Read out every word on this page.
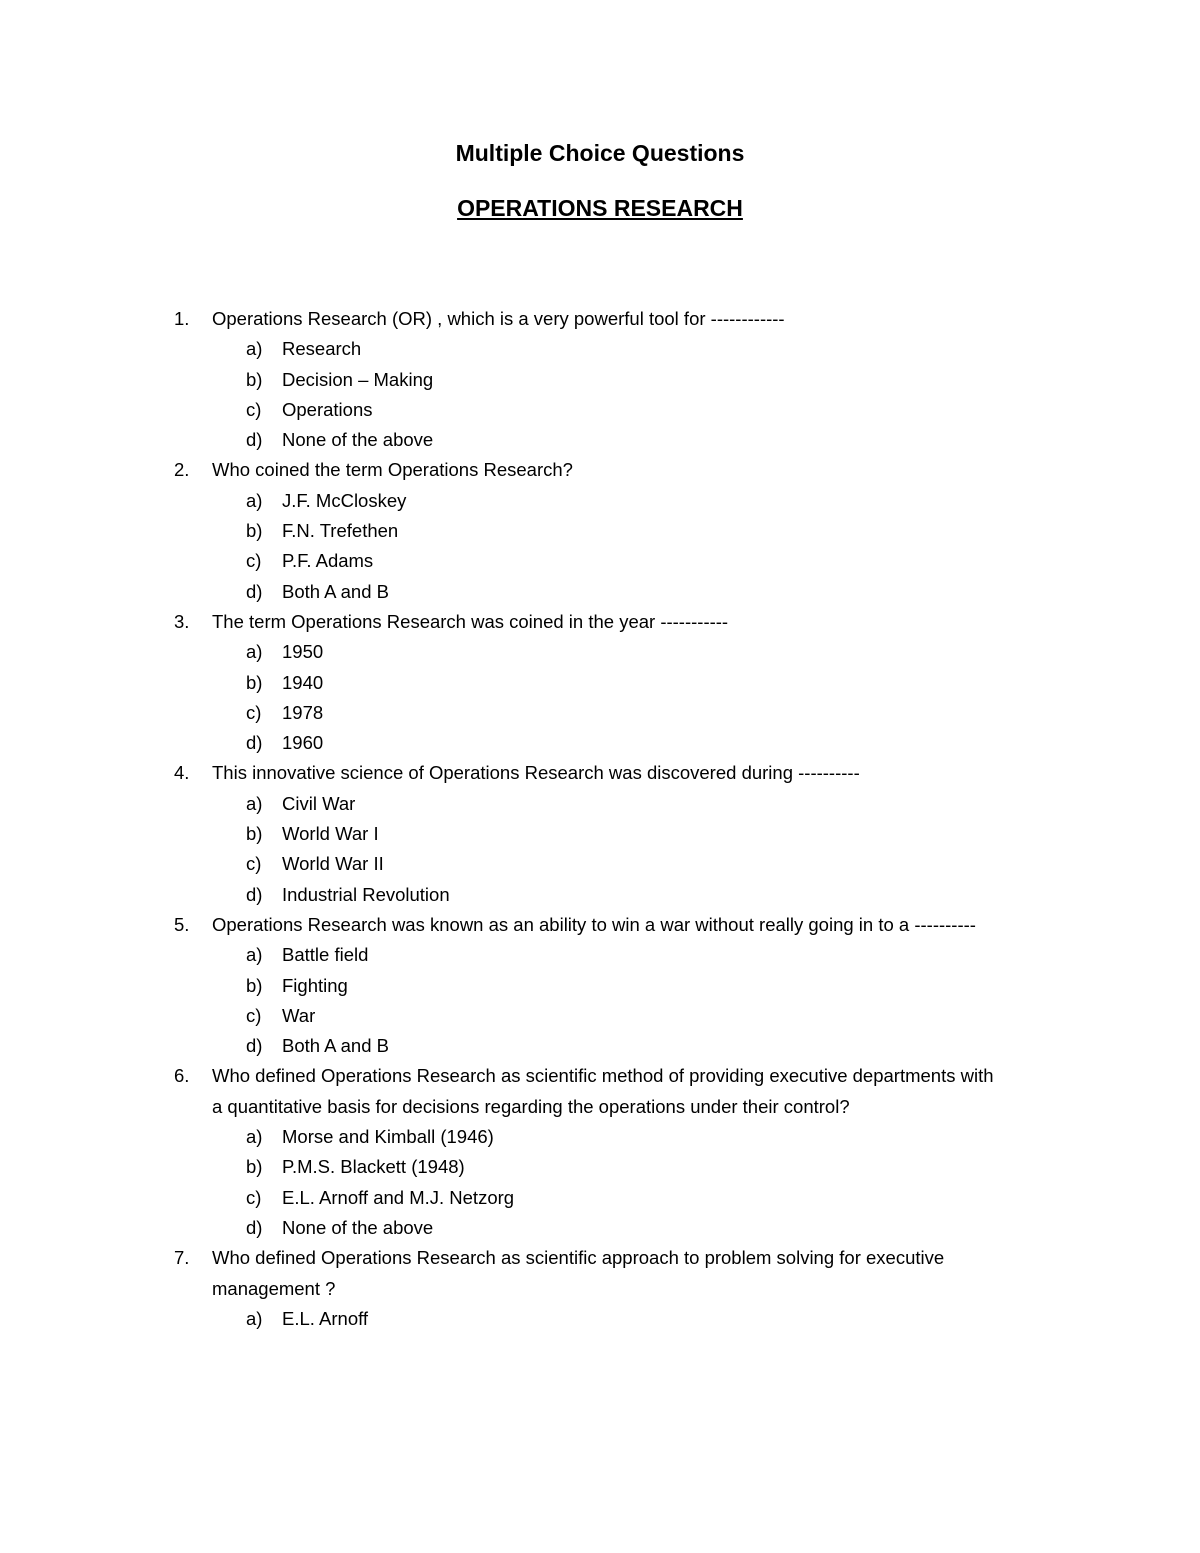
Multiple Choice Questions
OPERATIONS RESEARCH
1. Operations Research (OR) , which is a very powerful tool for ------------
a) Research
b) Decision – Making
c) Operations
d) None of the above
2. Who coined the term Operations Research?
a) J.F. McCloskey
b) F.N. Trefethen
c) P.F. Adams
d) Both A and B
3. The term Operations Research was coined in the year -----------
a) 1950
b) 1940
c) 1978
d) 1960
4. This innovative science of Operations Research was discovered during ----------
a) Civil War
b) World War I
c) World War II
d) Industrial Revolution
5. Operations Research was known as an ability to win a war without really going in to a ----------
a) Battle field
b) Fighting
c) War
d) Both A and B
6. Who defined Operations Research as scientific method of providing executive departments with
a quantitative basis for decisions regarding the operations under their control?
a) Morse and Kimball (1946)
b) P.M.S. Blackett (1948)
c) E.L. Arnoff and M.J. Netzorg
d) None of the above
7. Who defined Operations Research as scientific approach to problem solving for executive
management ?
a) E.L. Arnoff
